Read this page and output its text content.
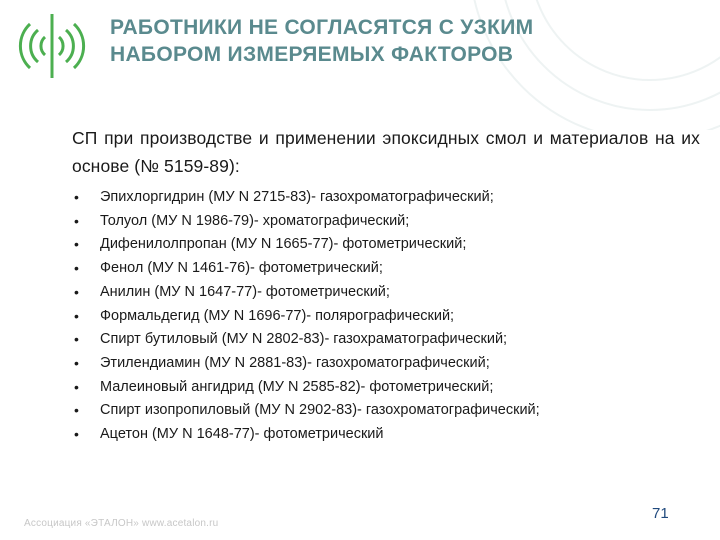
РАБОТНИКИ НЕ СОГЛАСЯТСЯ С УЗКИМ
НАБОРОМ ИЗМЕРЯЕМЫХ ФАКТОРОВ

СП при производстве и применении эпоксидных смол и материалов на их основе (№ 5159-89):

• Эпихлоргидрин (МУ N 2715-83)- газохроматографический;
• Толуол (МУ N 1986-79)- хроматографический;
• Дифенилолпропан (МУ N 1665-77)- фотометрический;
• Фенол (МУ N 1461-76)- фотометрический;
• Анилин (МУ N 1647-77)- фотометрический;
• Формальдегид (МУ N 1696-77)- полярографический;
• Спирт бутиловый (МУ N 2802-83)- газохраматографический;
• Этилендиамин (МУ N 2881-83)- газохроматографический;
• Малеиновый ангидрид (МУ N 2585-82)- фотометрический;
• Спирт изопропиловый (МУ N 2902-83)- газохроматографический;
• Ацетон (МУ N 1648-77)- фотометрический
Ассоциация «ЭТАЛОН» www.acetalon.ru
71
